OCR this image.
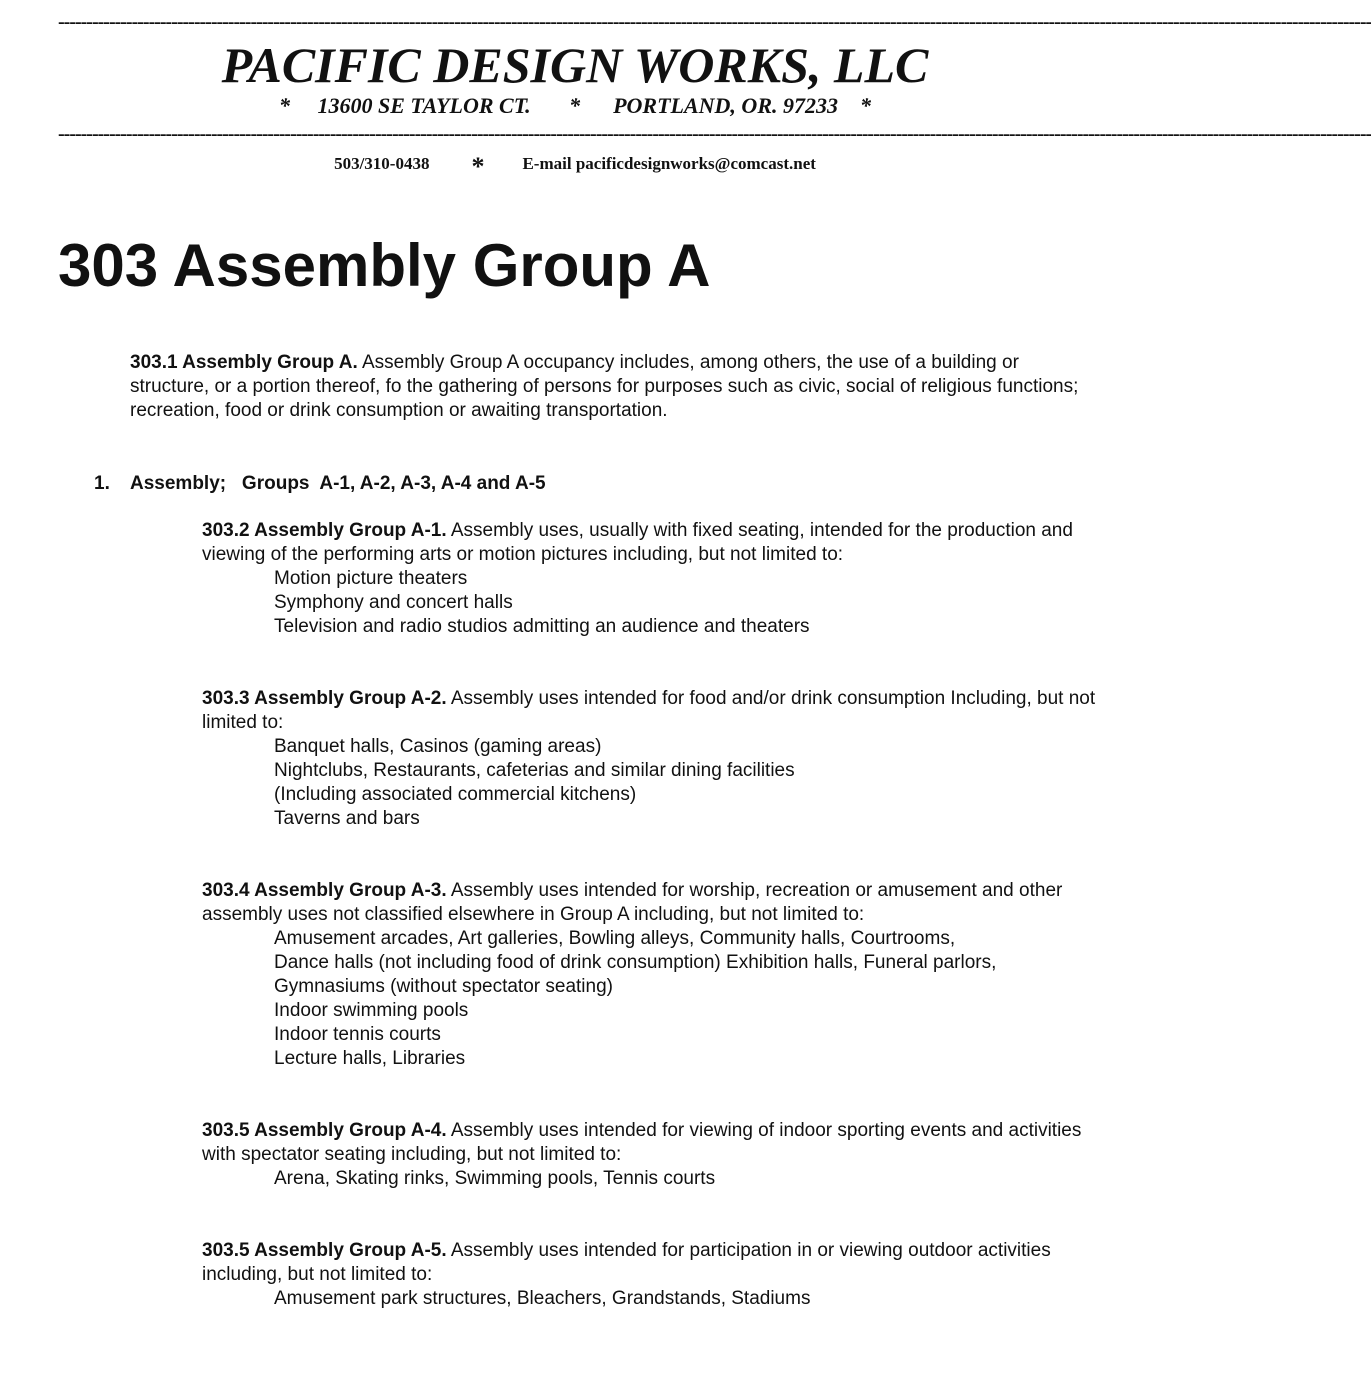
----------------------------------------------------------------------------------------------------------------------------------------------------------------------------------------------------------------------------------------
PACIFIC DESIGN WORKS, LLC
*     13600 SE TAYLOR CT.       *      PORTLAND, OR. 97233    *
----------------------------------------------------------------------------------------------------------------------------------------------------------------------------------------------------------------------------------------
503/310-0438 * E-mail pacificdesignworks@comcast.net
303 Assembly Group A

303.1 Assembly Group A. Assembly Group A occupancy includes, among others, the use of a building or structure, or a portion thereof, fo the gathering of persons for purposes such as civic, social of religious functions; recreation, food or drink consumption or awaiting transportation.

1. Assembly;   Groups  A-1, A-2, A-3, A-4 and A-5

303.2 Assembly Group A-1. Assembly uses, usually with fixed seating, intended for the production and viewing of the performing arts or motion pictures including, but not limited to:

Motion picture theaters
Symphony and concert halls
Television and radio studios admitting an audience and theaters

303.3 Assembly Group A-2. Assembly uses intended for food and/or drink consumption Including, but not limited to:

Banquet halls, Casinos (gaming areas)
Nightclubs, Restaurants, cafeterias and similar dining facilities
(Including associated commercial kitchens)
Taverns and bars

303.4 Assembly Group A-3. Assembly uses intended for worship, recreation or amusement and other assembly uses not classified elsewhere in Group A including, but not limited to:

Amusement arcades, Art galleries, Bowling alleys, Community halls, Courtrooms,
Dance halls (not including food of drink consumption) Exhibition halls, Funeral parlors,
Gymnasiums (without spectator seating)
Indoor swimming pools
Indoor tennis courts
Lecture halls, Libraries

303.5 Assembly Group A-4. Assembly uses intended for viewing of indoor sporting events and activities with spectator seating including, but not limited to:

Arena, Skating rinks, Swimming pools, Tennis courts

303.5 Assembly Group A-5. Assembly uses intended for participation in or viewing outdoor activities including, but not limited to:

Amusement park structures, Bleachers, Grandstands, Stadiums
